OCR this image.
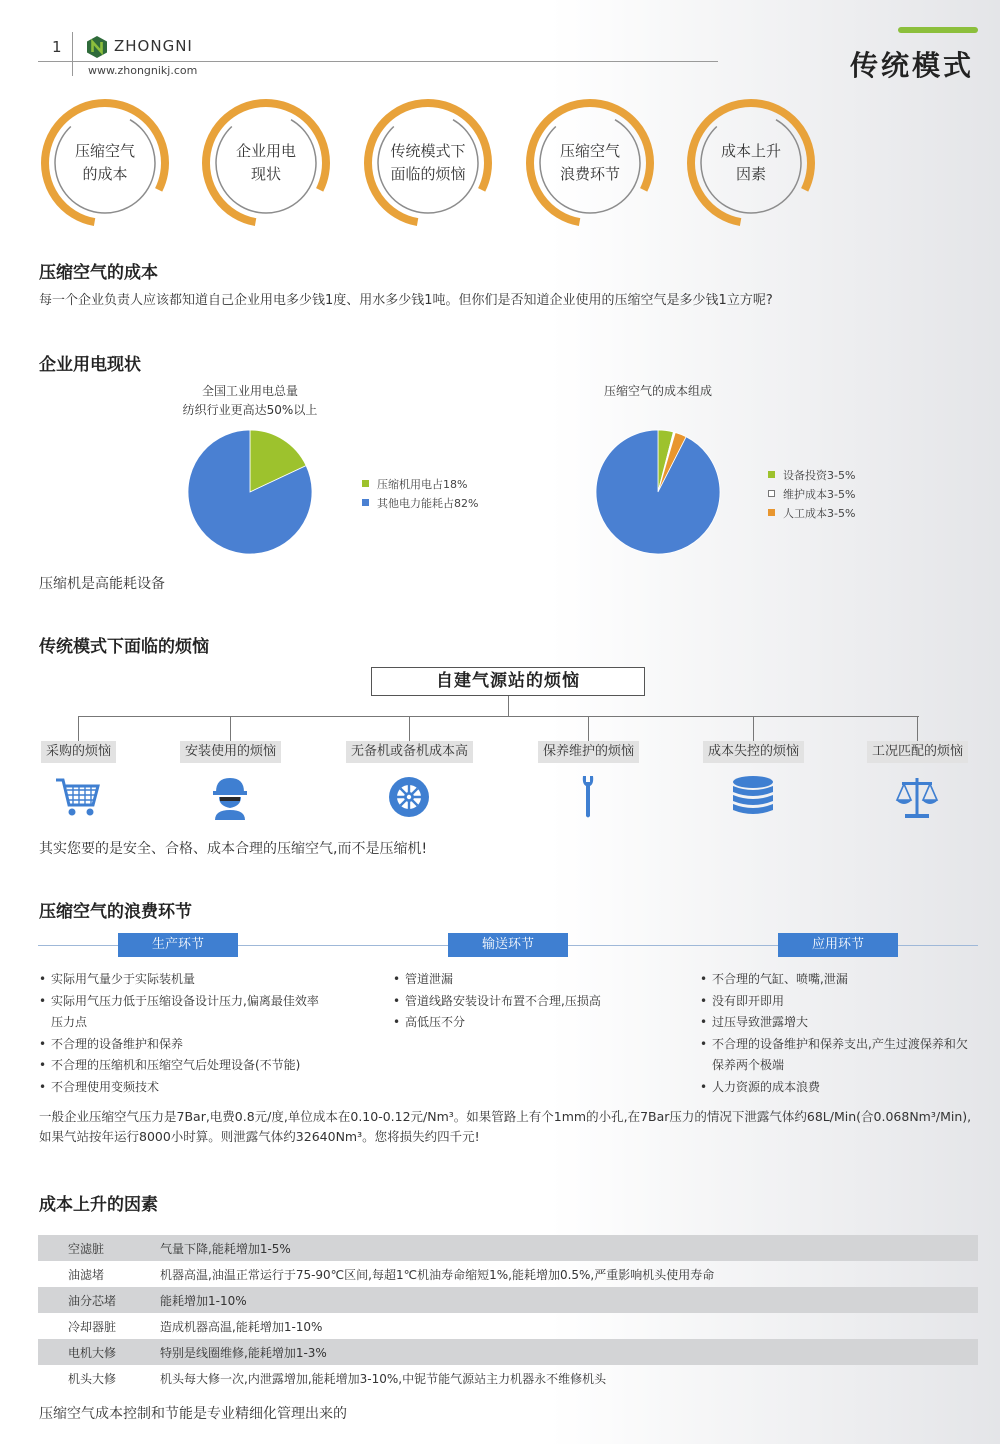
1	ZHONGNI
www.zhongnikj.com	传统模式
压缩空气
的成本
企业用电
现状
传统模式下
面临的烦恼
压缩空气
浪费环节
成本上升
因素
压缩空气的成本
每一个企业负责人应该都知道自己企业用电多少钱1度、用水多少钱1吨。但你们是否知道企业使用的压缩空气是多少钱1立方呢?
企业用电现状
全国工业用电总量
纺织行业更高达50%以上
压缩空气的成本组成
压缩机用电占18%
其他电力能耗占82%
设备投资3-5%
维护成本3-5%
人工成本3-5%
压缩机是高能耗设备
传统模式下面临的烦恼
自建气源站的烦恼
采购的烦恼	安装使用的烦恼	无备机或备机成本高	保养维护的烦恼	成本失控的烦恼	工况匹配的烦恼
其实您要的是安全、合格、成本合理的压缩空气,而不是压缩机!
压缩空气的浪费环节
生产环节	输送环节	应用环节
• 实际用气量少于实际装机量
• 实际用气压力低于压缩设备设计压力,偏离最佳效率压力点
• 不合理的设备维护和保养
• 不合理的压缩机和压缩空气后处理设备(不节能)
• 不合理使用变频技术
• 管道泄漏
• 管道线路安装设计布置不合理,压损高
• 高低压不分
• 不合理的气缸、喷嘴,泄漏
• 没有即开即用
• 过压导致泄露增大
• 不合理的设备维护和保养支出,产生过渡保养和欠保养两个极端
• 人力资源的成本浪费
一般企业压缩空气压力是7Bar,电费0.8元/度,单位成本在0.10-0.12元/Nm³。如果管路上有个1mm的小孔,在7Bar压力的情况下泄露气体约68L/Min(合0.068Nm³/Min),如果气站按年运行8000小时算。则泄露气体约32640Nm³。您将损失约四千元!
成本上升的因素
空滤脏	气量下降,能耗增加1-5%
油滤堵	机器高温,油温正常运行于75-90℃区间,每超1℃机油寿命缩短1%,能耗增加0.5%,严重影响机头使用寿命
油分芯堵	能耗增加1-10%
冷却器脏	造成机器高温,能耗增加1-10%
电机大修	特别是线圈维修,能耗增加1-3%
机头大修	机头每大修一次,内泄露增加,能耗增加3-10%,中铌节能气源站主力机器永不维修机头
压缩空气成本控制和节能是专业精细化管理出来的
